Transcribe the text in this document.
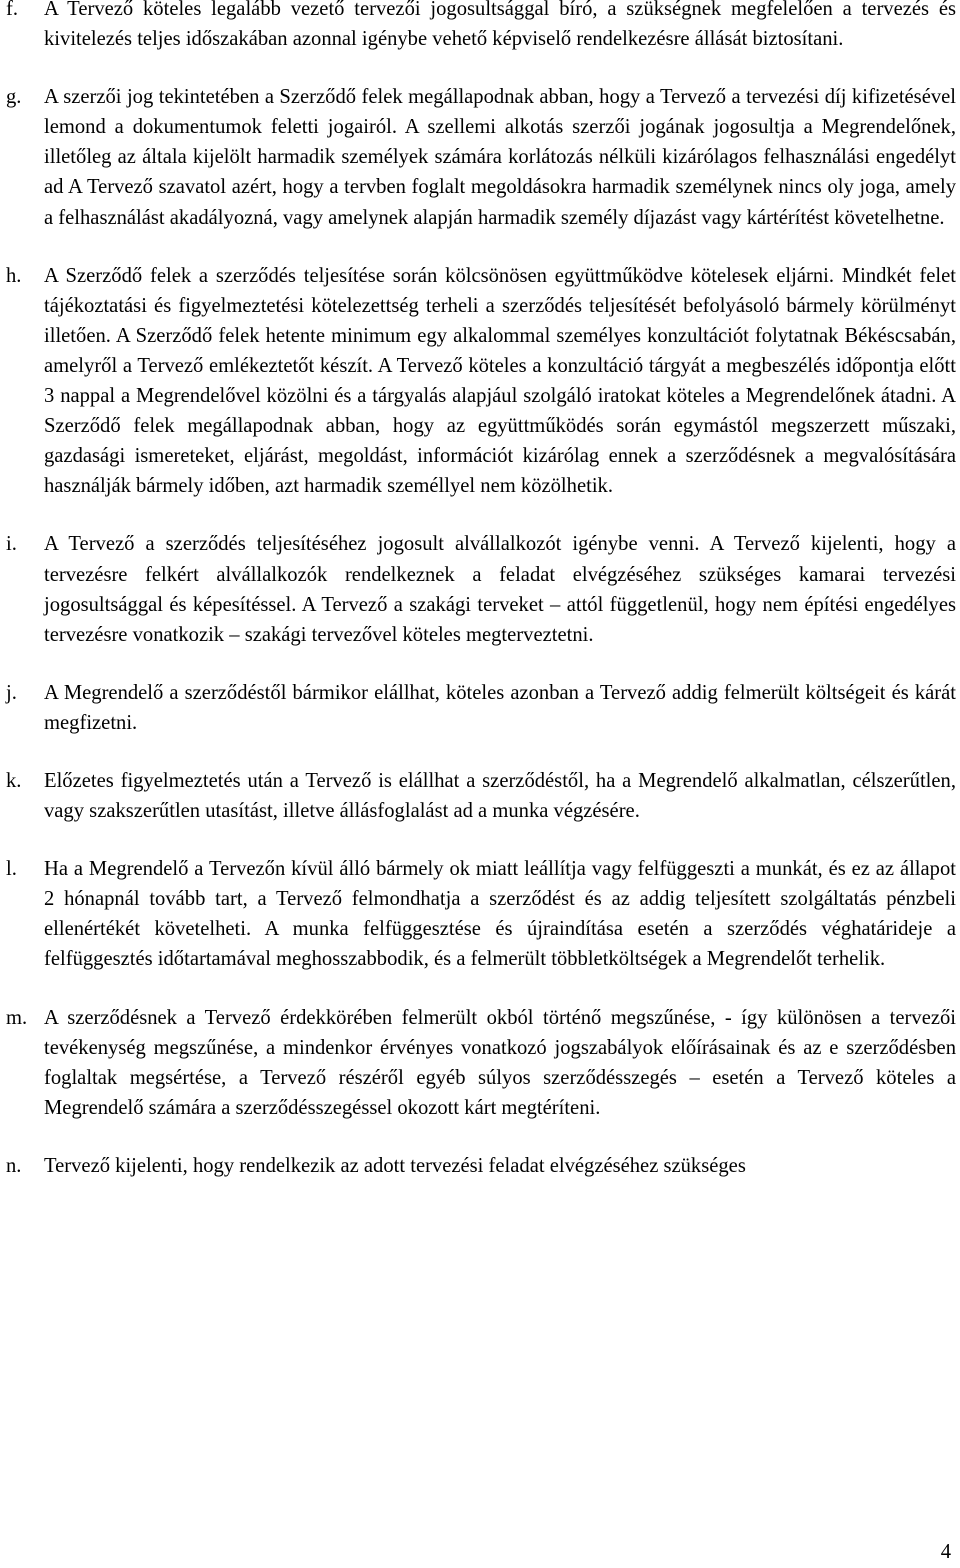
f.	A Tervező köteles legalább vezető tervezői jogosultsággal bíró, a szükségnek megfelelően a tervezés és kivitelezés teljes időszakában azonnal igénybe vehető képviselő rendelkezésre állását biztosítani.

g.	A szerzői jog tekintetében a Szerződő felek megállapodnak abban, hogy a Tervező a tervezési díj kifizetésével lemond a dokumentumok feletti jogairól. A szellemi alkotás szerzői jogának jogosultja a Megrendelőnek, illetőleg az általa kijelölt harmadik személyek számára korlátozás nélküli kizárólagos felhasználási engedélyt ad A Tervező szavatol azért, hogy a tervben foglalt megoldásokra harmadik személynek nincs oly joga, amely a felhasználást akadályozná, vagy amelynek alapján harmadik személy díjazást vagy kártérítést követelhetne.

h.	A Szerződő felek a szerződés teljesítése során kölcsönösen együttműködve kötelesek eljárni. Mindkét felet tájékoztatási és figyelmeztetési kötelezettség terheli a szerződés teljesítését befolyásoló bármely körülményt illetően. A Szerződő felek hetente minimum egy alkalommal személyes konzultációt folytatnak Békéscsabán, amelyről a Tervező emlékeztetőt készít. A Tervező köteles a konzultáció tárgyát a megbeszélés időpontja előtt 3 nappal a Megrendelővel közölni és a tárgyalás alapjául szolgáló iratokat köteles a Megrendelőnek átadni. A Szerződő felek megállapodnak abban, hogy az együttműködés során egymástól megszerzett műszaki, gazdasági ismereteket, eljárást, megoldást, információt kizárólag ennek a szerződésnek a megvalósítására használják bármely időben, azt harmadik személlyel nem közölhetik.

i.	A Tervező a szerződés teljesítéséhez jogosult alvállalkozót igénybe venni. A Tervező kijelenti, hogy a tervezésre felkért alvállalkozók rendelkeznek a feladat elvégzéséhez szükséges kamarai tervezési jogosultsággal és képesítéssel. A Tervező a szakági terveket – attól függetlenül, hogy nem építési engedélyes tervezésre vonatkozik – szakági tervezővel köteles megterveztetni.

j.	A Megrendelő a szerződéstől bármikor elállhat, köteles azonban a Tervező addig felmerült költségeit és kárát megfizetni.

k.	Előzetes figyelmeztetés után a Tervező is elállhat a szerződéstől, ha a Megrendelő alkalmatlan, célszerűtlen, vagy szakszerűtlen utasítást, illetve állásfoglalást ad a munka végzésére.

l.	Ha a Megrendelő a Tervezőn kívül álló bármely ok miatt leállítja vagy felfüggeszti a munkát, és ez az állapot 2 hónapnál tovább tart, a Tervező felmondhatja a szerződést és az addig teljesített szolgáltatás pénzbeli ellenértékét követelheti. A munka felfüggesztése és újraindítása esetén a szerződés véghatárideje a felfüggesztés időtartamával meghosszabbodik, és a felmerült többletköltségek a Megrendelőt terhelik.

m. A szerződésnek a Tervező érdekkörében felmerült okból történő megszűnése, - így különösen a tervezői tevékenység megszűnése, a mindenkor érvényes vonatkozó jogszabályok előírásainak és az e szerződésben foglaltak megsértése, a Tervező részéről egyéb súlyos szerződésszegés – esetén a Tervező köteles a Megrendelő számára a szerződésszegéssel okozott kárt megtéríteni.

n.	Tervező kijelenti, hogy rendelkezik az adott tervezési feladat elvégzéséhez szükséges

4
